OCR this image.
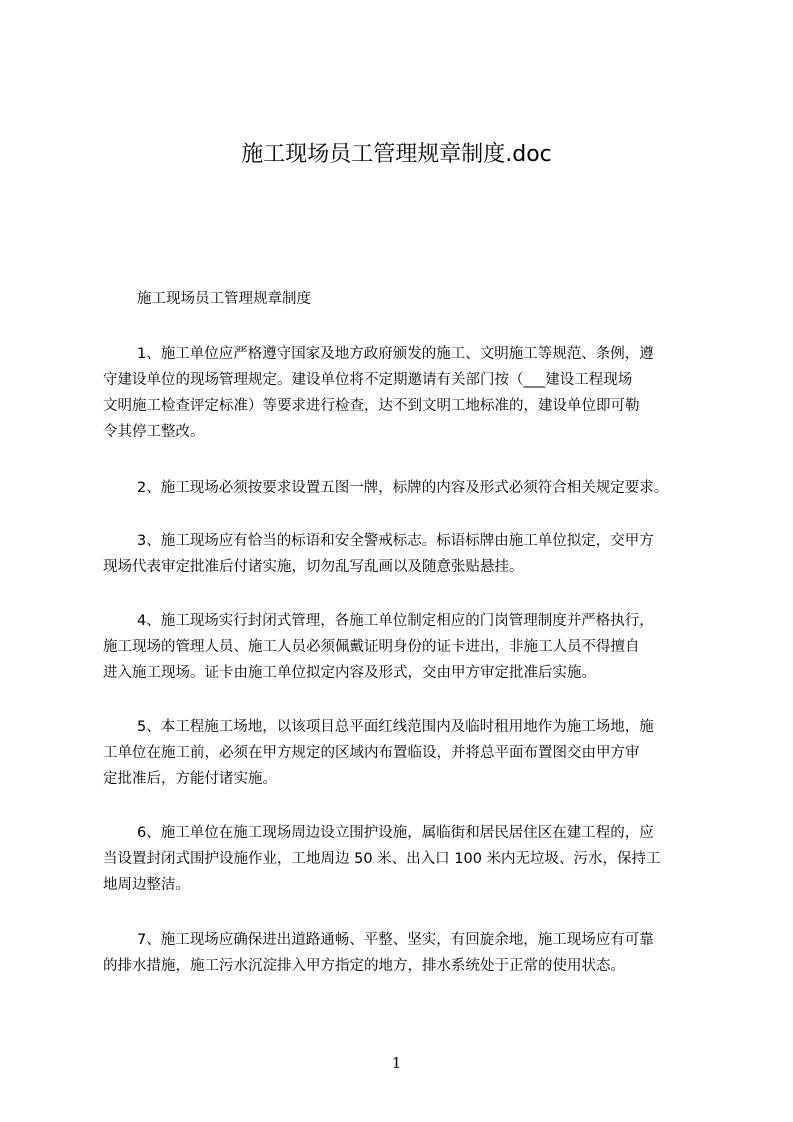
施工现场员工管理规章制度.doc
施工现场员工管理规章制度
1、施工单位应严格遵守国家及地方政府颁发的施工、文明施工等规范、条例，遵
守建设单位的现场管理规定。建设单位将不定期邀请有关部门按（___建设工程现场
文明施工检查评定标准）等要求进行检查，达不到文明工地标准的，建设单位即可勒
令其停工整改。
2、施工现场必须按要求设置五图一牌，标牌的内容及形式必须符合相关规定要求。
3、施工现场应有恰当的标语和安全警戒标志。标语标牌由施工单位拟定，交甲方
现场代表审定批准后付诸实施，切勿乱写乱画以及随意张贴悬挂。
4、施工现场实行封闭式管理，各施工单位制定相应的门岗管理制度并严格执行，
施工现场的管理人员、施工人员必须佩戴证明身份的证卡进出，非施工人员不得擅自
进入施工现场。证卡由施工单位拟定内容及形式，交由甲方审定批准后实施。
5、本工程施工场地，以该项目总平面红线范围内及临时租用地作为施工场地，施
工单位在施工前，必须在甲方规定的区域内布置临设，并将总平面布置图交由甲方审
定批准后，方能付诸实施。
6、施工单位在施工现场周边设立围护设施，属临街和居民居住区在建工程的，应
当设置封闭式围护设施作业，工地周边 50 米、出入口 100 米内无垃圾、污水，保持工
地周边整洁。
7、施工现场应确保进出道路通畅、平整、坚实，有回旋余地，施工现场应有可靠
的排水措施，施工污水沉淀排入甲方指定的地方，排水系统处于正常的使用状态。
1
